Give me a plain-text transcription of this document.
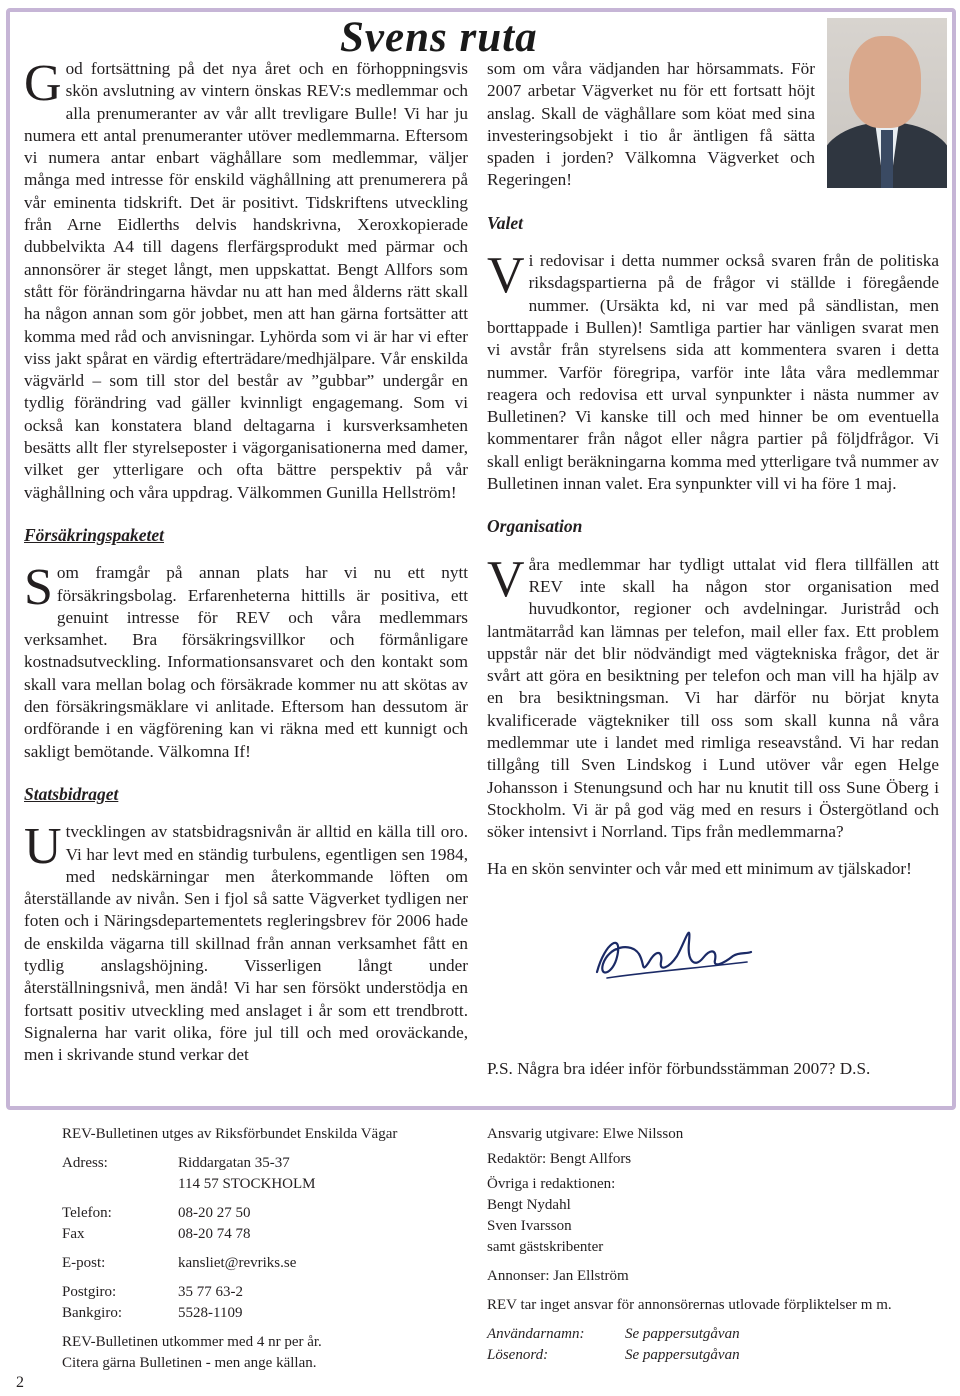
Svens ruta

God fortsättning på det nya året och en förhoppningsvis skön avslutning av vintern önskas REV:s medlemmar och alla prenumeranter av vår allt trevligare Bulle! Vi har ju numera ett antal prenumeranter utöver medlemmarna. Eftersom vi numera antar enbart väghållare som medlemmar, väljer många med intresse för enskild väghållning att prenumerera på vår eminenta tidskrift. Det är positivt. Tidskriftens utveckling från Arne Eidlerths delvis handskrivna, Xeroxkopierade dubbelvikta A4 till dagens flerfärgsprodukt med pärmar och annonsörer är steget långt, men uppskattat. Bengt Allfors som stått för förändringarna hävdar nu att han med ålderns rätt skall ha någon annan som gör jobbet, men att han gärna fortsätter att komma med råd och anvisningar. Lyhörda som vi är har vi efter viss jakt spårat en värdig efterträdare/medhjälpare. Vår enskilda vägvärld – som till stor del består av ”gubbar” undergår en tydlig förändring vad gäller kvinnligt engagemang. Som vi också kan konstatera bland deltagarna i kursverksamheten besätts allt fler styrelseposter i vägorganisationerna med damer, vilket ger ytterligare och ofta bättre perspektiv på vår väghållning och våra uppdrag. Välkommen Gunilla Hellström!

Försäkringspaketet

Som framgår på annan plats har vi nu ett nytt försäkringsbolag. Erfarenheterna hittills är positiva, ett genuint intresse för REV och våra medlemmars verksamhet. Bra försäkringsvillkor och förmånligare kostnadsutveckling. Informationsansvaret och den kontakt som skall vara mellan bolag och försäkrade kommer nu att skötas av den försäkringsmäklare vi anlitade. Eftersom han dessutom är ordförande i en vägförening kan vi räkna med ett kunnigt och sakligt bemötande. Välkomna If!

Statsbidraget

Utvecklingen av statsbidragsnivån är alltid en källa till oro. Vi har levt med en ständig turbulens, egentligen sen 1984, med nedskärningar men återkommande löften om återställande av nivån. Sen i fjol så satte Vägverket tydligen ner foten och i Näringsdepartementets regleringsbrev för 2006 hade de enskilda vägarna till skillnad från annan verksamhet fått en tydlig anslagshöjning. Visserligen långt under återställningsnivå, men ändå! Vi har sen försökt understödja en fortsatt positiv utveckling med anslaget i år som ett trendbrott. Signalerna har varit olika, före jul till och med oroväckande, men i skrivande stund verkar det

som om våra vädjanden har hörsammats. För 2007 arbetar Vägverket nu för ett fortsatt höjt anslag. Skall de väghållare som köat med sina investeringsobjekt i tio år äntligen få sätta spaden i jorden? Välkomna Vägverket och Regeringen!

Valet

Vi redovisar i detta nummer också svaren från de politiska riksdagspartierna på de frågor vi ställde i föregående nummer. (Ursäkta kd, ni var med på sändlistan, men borttappade i Bullen)! Samtliga partier har vänligen svarat men vi avstår från styrelsens sida att kommentera svaren i detta nummer. Varför föregripa, varför inte låta våra medlemmar reagera och redovisa ett urval synpunkter i nästa nummer av Bulletinen? Vi kanske till och med hinner be om eventuella kommentarer från något eller några partier på följdfrågor. Vi skall enligt beräkningarna komma med ytterligare två nummer av Bulletinen innan valet. Era synpunkter vill vi ha före 1 maj.

Organisation

Våra medlemmar har tydligt uttalat vid flera tillfällen att REV inte skall ha någon stor organisation med huvudkontor, regioner och avdelningar. Juristråd och lantmätarråd kan lämnas per telefon, mail eller fax. Ett problem uppstår när det blir nödvändigt med vägtekniska frågor, det är svårt att göra en besiktning per telefon och man vill ha hjälp av en bra besiktningsman. Vi har därför nu börjat knyta kvalificerade vägtekniker till oss som skall kunna nå våra medlemmar ute i landet med rimliga reseavstånd. Vi har redan tillgång till Sven Lindskog i Lund utöver vår egen Helge Johansson i Stenungsund och har nu knutit till oss Sune Öberg i Stockholm. Vi är på god väg med en resurs i Östergötland och söker intensivt i Norrland. Tips från medlemmarna?

Ha en skön senvinter och vår med ett minimum av tjälskador!

P.S. Några bra idéer inför förbundsstämman 2007? D.S.

REV-Bulletinen utges av Riksförbundet Enskilda Vägar
Adress:	Riddargatan 35-37
114 57 STOCKHOLM
Telefon:	08-20 27 50
Fax	08-20 74 78
E-post:	kansliet@revriks.se
Postgiro:	35 77 63-2
Bankgiro:	5528-1109
REV-Bulletinen utkommer med 4 nr per år.
Citera gärna Bulletinen - men ange källan.
Ansvarig utgivare: Elwe Nilsson
Redaktör: Bengt Allfors
Övriga i redaktionen:
Bengt Nydahl
Sven Ivarsson
samt gästskribenter
Annonser: Jan Ellström
REV tar inget ansvar för annonsörernas utlovade förpliktelser m m.
Användarnamn:	Se pappersutgåvan
Lösenord:	Se pappersutgåvan
2
